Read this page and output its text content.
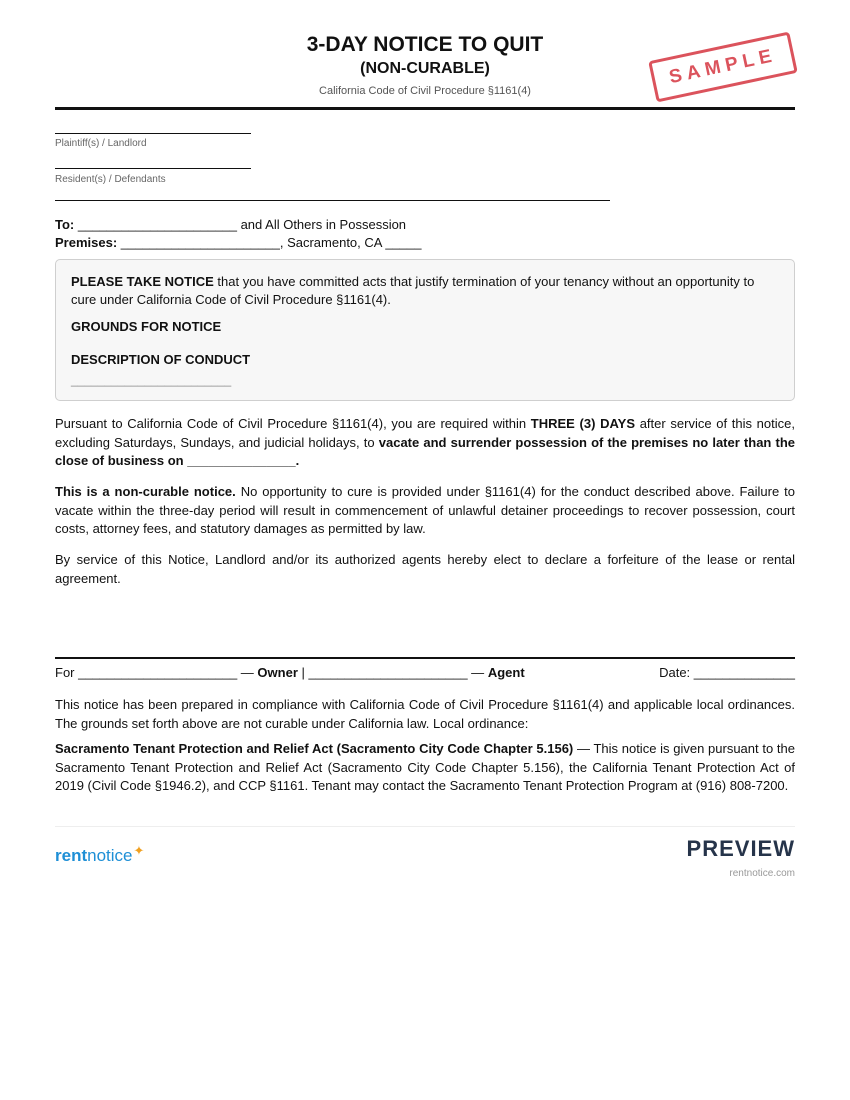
3-DAY NOTICE TO QUIT
(NON-CURABLE)
California Code of Civil Procedure §1161(4)
SAMPLE
Plaintiff(s) / Landlord
Resident(s) / Defendants
To: ______________________ and All Others in Possession
Premises: ______________________, Sacramento, CA _____
PLEASE TAKE NOTICE that you have committed acts that justify termination of your tenancy without an opportunity to cure under California Code of Civil Procedure §1161(4).
GROUNDS FOR NOTICE
DESCRIPTION OF CONDUCT
________________________
Pursuant to California Code of Civil Procedure §1161(4), you are required within THREE (3) DAYS after service of this notice, excluding Saturdays, Sundays, and judicial holidays, to vacate and surrender possession of the premises no later than the close of business on _______________.
This is a non-curable notice. No opportunity to cure is provided under §1161(4) for the conduct described above. Failure to vacate within the three-day period will result in commencement of unlawful detainer proceedings to recover possession, court costs, attorney fees, and statutory damages as permitted by law.
By service of this Notice, Landlord and/or its authorized agents hereby elect to declare a forfeiture of the lease or rental agreement.
For ______________________ — Owner | ______________________ — Agent	Date: ______________
This notice has been prepared in compliance with California Code of Civil Procedure §1161(4) and applicable local ordinances. The grounds set forth above are not curable under California law. Local ordinance:
Sacramento Tenant Protection and Relief Act (Sacramento City Code Chapter 5.156) — This notice is given pursuant to the Sacramento Tenant Protection and Relief Act (Sacramento City Code Chapter 5.156), the California Tenant Protection Act of 2019 (Civil Code §1946.2), and CCP §1161. Tenant may contact the Sacramento Tenant Protection Program at (916) 808-7200.
rentnotice✦	PREVIEW
rentnotice.com
